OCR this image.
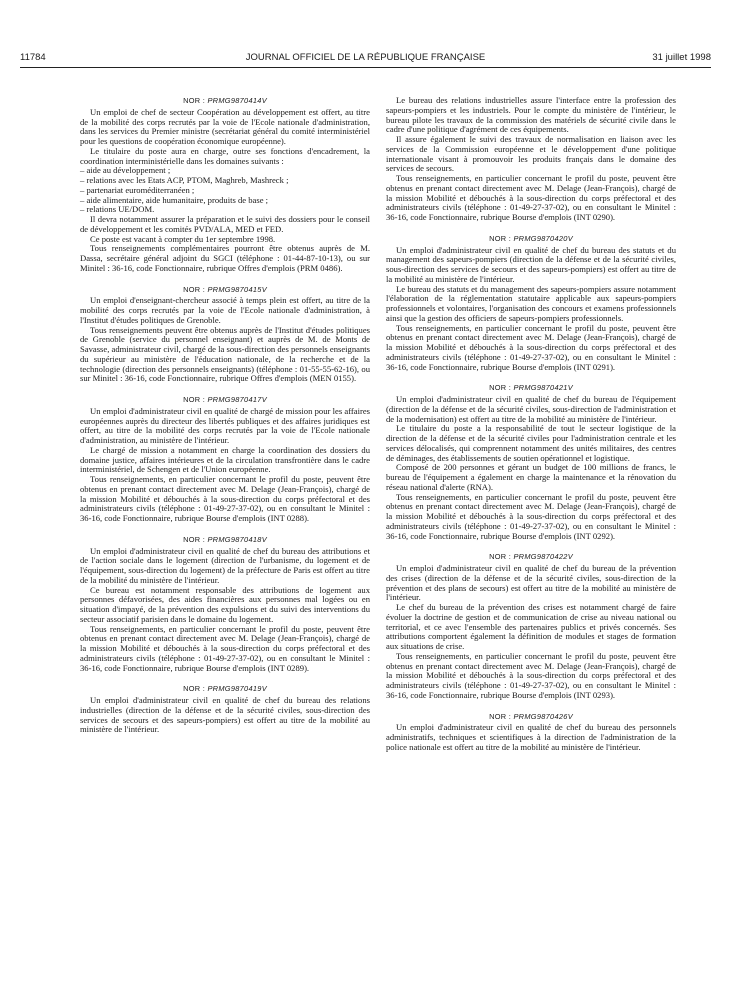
11784	JOURNAL OFFICIEL DE LA RÉPUBLIQUE FRANÇAISE	31 juillet 1998
NOR : PRMG9870414V

Un emploi de chef de secteur Coopération au développement est offert, au titre de la mobilité des corps recrutés par la voie de l'Ecole nationale d'administration, dans les services du Premier ministre (secrétariat général du comité interministériel pour les questions de coopération économique européenne).

Le titulaire du poste aura en charge, outre ses fonctions d'encadrement, la coordination interministérielle dans les domaines suivants :

– aide au développement ;
– relations avec les Etats ACP, PTOM, Maghreb, Mashreck ;
– partenariat euroméditerranéen ;
– aide alimentaire, aide humanitaire, produits de base ;
– relations UE/DOM.

Il devra notamment assurer la préparation et le suivi des dossiers pour le conseil de développement et les comités PVD/ALA, MED et FED.

Ce poste est vacant à compter du 1er septembre 1998.

Tous renseignements complémentaires pourront être obtenus auprès de M. Dassa, secrétaire général adjoint du SGCI (téléphone : 01-44-87-10-13), ou sur Minitel : 36-16, code Fonctionnaire, rubrique Offres d'emplois (PRM 0486).

NOR : PRMG9870415V

Un emploi d'enseignant-chercheur associé à temps plein est offert, au titre de la mobilité des corps recrutés par la voie de l'Ecole nationale d'administration, à l'Institut d'études politiques de Grenoble.

Tous renseignements peuvent être obtenus auprès de l'Institut d'études politiques de Grenoble (service du personnel enseignant) et auprès de M. de Monts de Savasse, administrateur civil, chargé de la sous-direction des personnels enseignants du supérieur au ministère de l'éducation nationale, de la recherche et de la technologie (direction des personnels enseignants) (téléphone : 01-55-55-62-16), ou sur Minitel : 36-16, code Fonctionnaire, rubrique Offres d'emplois (MEN 0155).

NOR : PRMG9870417V

Un emploi d'administrateur civil en qualité de chargé de mission pour les affaires européennes auprès du directeur des libertés publiques et des affaires juridiques est offert, au titre de la mobilité des corps recrutés par la voie de l'Ecole nationale d'administration, au ministère de l'intérieur.

Le chargé de mission a notamment en charge la coordination des dossiers du domaine justice, affaires intérieures et de la circulation transfrontière dans le cadre interministériel, de Schengen et de l'Union européenne.

Tous renseignements, en particulier concernant le profil du poste, peuvent être obtenus en prenant contact directement avec M. Delage (Jean-François), chargé de la mission Mobilité et débouchés à la sous-direction du corps préfectoral et des administrateurs civils (téléphone : 01-49-27-37-02), ou en consultant le Minitel : 36-16, code Fonctionnaire, rubrique Bourse d'emplois (INT 0288).

NOR : PRMG9870418V

Un emploi d'administrateur civil en qualité de chef du bureau des attributions et de l'action sociale dans le logement (direction de l'urbanisme, du logement et de l'équipement, sous-direction du logement) de la préfecture de Paris est offert au titre de la mobilité du ministère de l'intérieur.

Ce bureau est notamment responsable des attributions de logement aux personnes défavorisées, des aides financières aux personnes mal logées ou en situation d'impayé, de la prévention des expulsions et du suivi des interventions du secteur associatif parisien dans le domaine du logement.

Tous renseignements, en particulier concernant le profil du poste, peuvent être obtenus en prenant contact directement avec M. Delage (Jean-François), chargé de la mission Mobilité et débouchés à la sous-direction du corps préfectoral et des administrateurs civils (téléphone : 01-49-27-37-02), ou en consultant le Minitel : 36-16, code Fonctionnaire, rubrique Bourse d'emplois (INT 0289).

NOR : PRMG9870419V

Un emploi d'administrateur civil en qualité de chef du bureau des relations industrielles (direction de la défense et de la sécurité civiles, sous-direction des services de secours et des sapeurs-pompiers) est offert au titre de la mobilité au ministère de l'intérieur.

Le bureau des relations industrielles assure l'interface entre la profession des sapeurs-pompiers et les industriels. Pour le compte du ministère de l'intérieur, le bureau pilote les travaux de la commission des matériels de sécurité civile dans le cadre d'une politique d'agrément de ces équipements.

Il assure également le suivi des travaux de normalisation en liaison avec les services de la Commission européenne et le développement d'une politique internationale visant à promouvoir les produits français dans le domaine des services de secours.

Tous renseignements, en particulier concernant le profil du poste, peuvent être obtenus en prenant contact directement avec M. Delage (Jean-François), chargé de la mission Mobilité et débouchés à la sous-direction du corps préfectoral et des administrateurs civils (téléphone : 01-49-27-37-02), ou en consultant le Minitel : 36-16, code Fonctionnaire, rubrique Bourse d'emplois (INT 0290).

NOR : PRMG9870420V

Un emploi d'administrateur civil en qualité de chef du bureau des statuts et du management des sapeurs-pompiers (direction de la défense et de la sécurité civiles, sous-direction des services de secours et des sapeurs-pompiers) est offert au titre de la mobilité au ministère de l'intérieur.

Le bureau des statuts et du management des sapeurs-pompiers assure notamment l'élaboration de la réglementation statutaire applicable aux sapeurs-pompiers professionnels et volontaires, l'organisation des concours et examens professionnels ainsi que la gestion des officiers de sapeurs-pompiers professionnels.

Tous renseignements, en particulier concernant le profil du poste, peuvent être obtenus en prenant contact directement avec M. Delage (Jean-François), chargé de la mission Mobilité et débouchés à la sous-direction du corps préfectoral et des administrateurs civils (téléphone : 01-49-27-37-02), ou en consultant le Minitel : 36-16, code Fonctionnaire, rubrique Bourse d'emplois (INT 0291).

NOR : PRMG9870421V

Un emploi d'administrateur civil en qualité de chef du bureau de l'équipement (direction de la défense et de la sécurité civiles, sous-direction de l'administration et de la modernisation) est offert au titre de la mobilité au ministère de l'intérieur.

Le titulaire du poste a la responsabilité de tout le secteur logistique de la direction de la défense et de la sécurité civiles pour l'administration centrale et les services délocalisés, qui comprennent notamment des unités militaires, des centres de déminages, des établissements de soutien opérationnel et logistique.

Composé de 200 personnes et gérant un budget de 100 millions de francs, le bureau de l'équipement a également en charge la maintenance et la rénovation du réseau national d'alerte (RNA).

Tous renseignements, en particulier concernant le profil du poste, peuvent être obtenus en prenant contact directement avec M. Delage (Jean-François), chargé de la mission Mobilité et débouchés à la sous-direction du corps préfectoral et des administrateurs civils (téléphone : 01-49-27-37-02), ou en consultant le Minitel : 36-16, code Fonctionnaire, rubrique Bourse d'emplois (INT 0292).

NOR : PRMG9870422V

Un emploi d'administrateur civil en qualité de chef du bureau de la prévention des crises (direction de la défense et de la sécurité civiles, sous-direction de la prévention et des plans de secours) est offert au titre de la mobilité au ministère de l'intérieur.

Le chef du bureau de la prévention des crises est notamment chargé de faire évoluer la doctrine de gestion et de communication de crise au niveau national ou territorial, et ce avec l'ensemble des partenaires publics et privés concernés. Ses attributions comportent également la définition de modules et stages de formation aux situations de crise.

Tous renseignements, en particulier concernant le profil du poste, peuvent être obtenus en prenant contact directement avec M. Delage (Jean-François), chargé de la mission Mobilité et débouchés à la sous-direction du corps préfectoral et des administrateurs civils (téléphone : 01-49-27-37-02), ou en consultant le Minitel : 36-16, code Fonctionnaire, rubrique Bourse d'emplois (INT 0293).

NOR : PRMG9870426V

Un emploi d'administrateur civil en qualité de chef du bureau des personnels administratifs, techniques et scientifiques à la direction de l'administration de la police nationale est offert au titre de la mobilité au ministère de l'intérieur.
